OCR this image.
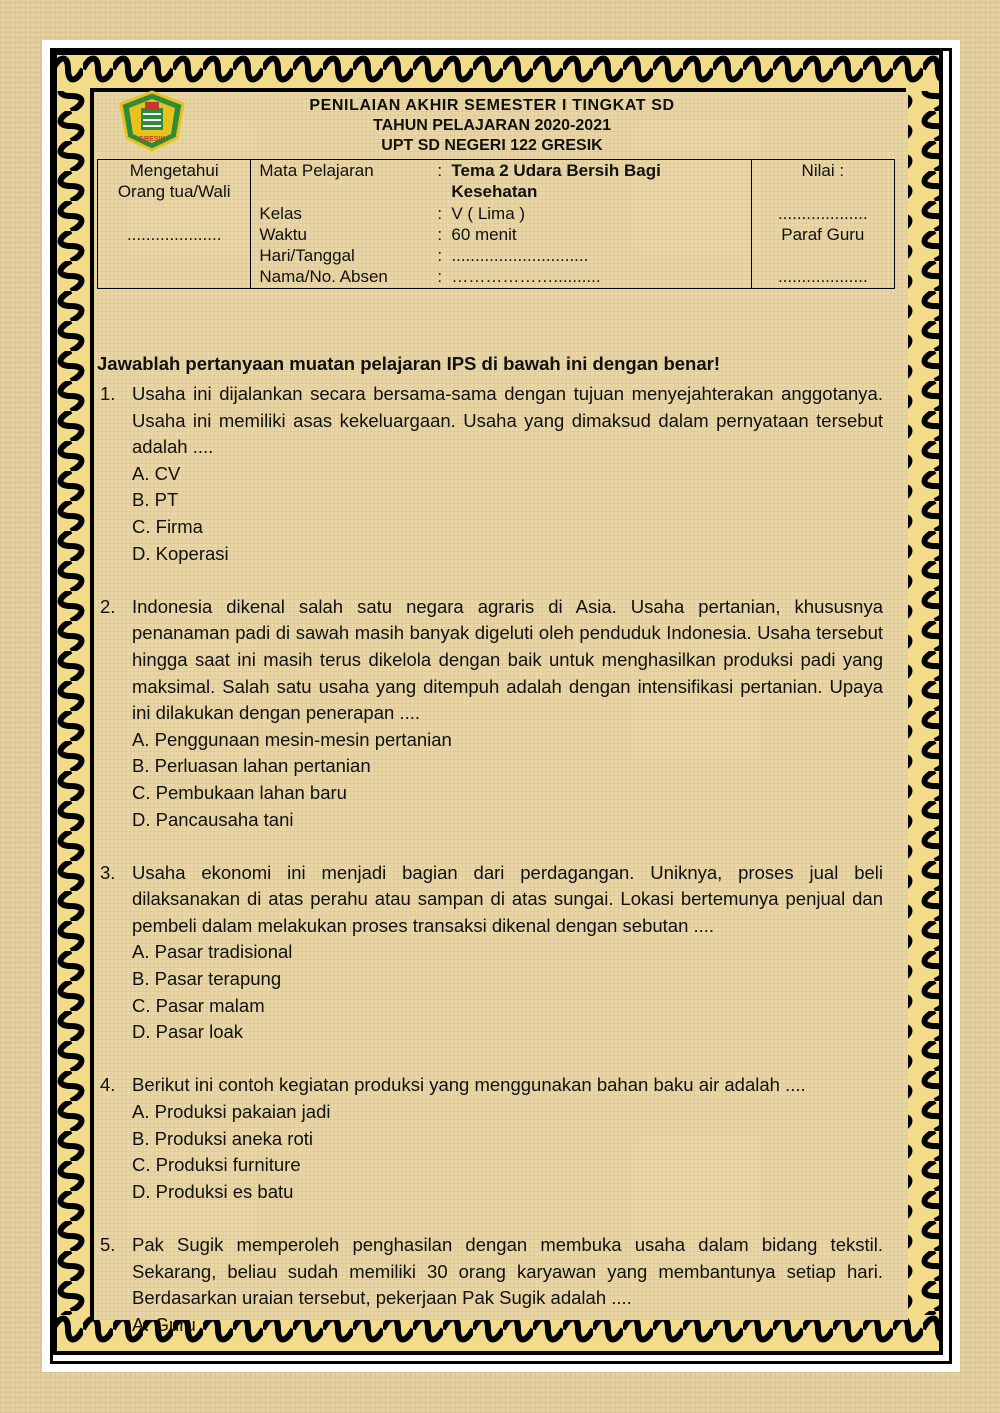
GRESIK
PENILAIAN AKHIR SEMESTER I TINGKAT SD
TAHUN PELAJARAN 2020-2021
UPT SD NEGERI 122 GRESIK
Mengetahui
Orang tua/Wali

....................

Mata Pelajaran	:	Tema 2 Udara Bersih Bagi Kesehatan

Kelas	:	V ( Lima )
Waktu	:	60 menit
Hari/Tanggal	:	.............................
Nama/No. Absen	:	………………..........

Nilai :

...................
Paraf Guru

...................
Jawablah pertanyaan muatan pelajaran IPS di bawah ini dengan benar!
1. Usaha ini dijalankan secara bersama-sama dengan tujuan menyejahterakan anggotanya. Usaha ini memiliki asas kekeluargaan. Usaha yang dimaksud dalam pernyataan tersebut adalah ....
A. CV
B. PT
C. Firma
D. Koperasi
2. Indonesia dikenal salah satu negara agraris di Asia. Usaha pertanian, khususnya penanaman padi di sawah masih banyak digeluti oleh penduduk Indonesia. Usaha tersebut hingga saat ini masih terus dikelola dengan baik untuk menghasilkan produksi padi yang maksimal. Salah satu usaha yang ditempuh adalah dengan intensifikasi pertanian. Upaya ini dilakukan dengan penerapan ....
A. Penggunaan mesin-mesin pertanian
B. Perluasan lahan pertanian
C. Pembukaan lahan baru
D. Pancausaha tani
3. Usaha ekonomi ini menjadi bagian dari perdagangan. Uniknya, proses jual beli dilaksanakan di atas perahu atau sampan di atas sungai. Lokasi bertemunya penjual dan pembeli dalam melakukan proses transaksi dikenal dengan sebutan ....
A. Pasar tradisional
B. Pasar terapung
C. Pasar malam
D. Pasar loak
4. Berikut ini contoh kegiatan produksi yang menggunakan bahan baku air adalah ....
A. Produksi pakaian jadi
B. Produksi aneka roti
C. Produksi furniture
D. Produksi es batu
5. Pak Sugik memperoleh penghasilan dengan membuka usaha dalam bidang tekstil. Sekarang, beliau sudah memiliki 30 orang karyawan yang membantunya setiap hari. Berdasarkan uraian tersebut, pekerjaan Pak Sugik adalah ....
A. Guru
